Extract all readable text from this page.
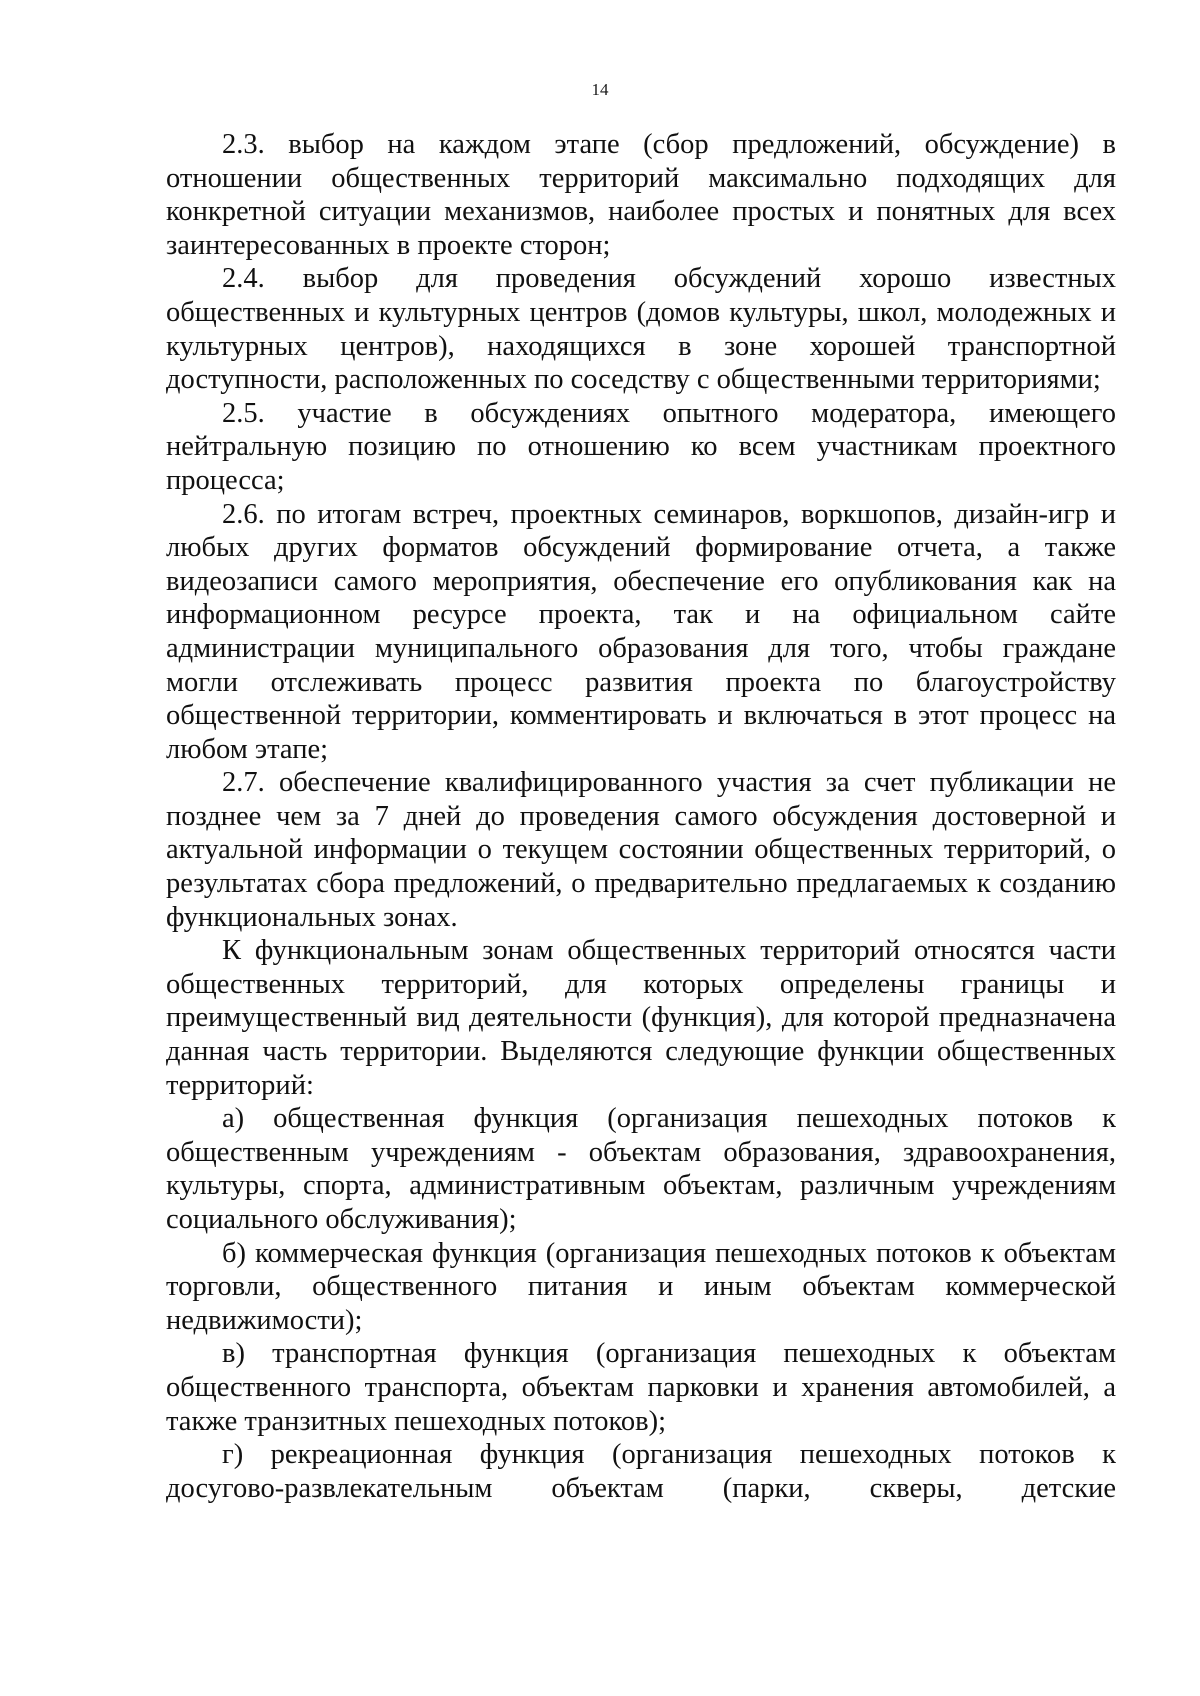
14

2.3. выбор на каждом этапе (сбор предложений, обсуждение) в отношении общественных территорий максимально подходящих для конкретной ситуации механизмов, наиболее простых и понятных для всех заинтересованных в проекте сторон;

2.4. выбор для проведения обсуждений хорошо известных общественных и культурных центров (домов культуры, школ, молодежных и культурных центров), находящихся в зоне хорошей транспортной доступности, расположенных по соседству с общественными территориями;

2.5. участие в обсуждениях опытного модератора, имеющего нейтральную позицию по отношению ко всем участникам проектного процесса;

2.6. по итогам встреч, проектных семинаров, воркшопов, дизайн-игр и любых других форматов обсуждений формирование отчета, а также видеозаписи самого мероприятия, обеспечение его опубликования как на информационном ресурсе проекта, так и на официальном сайте администрации муниципального образования для того, чтобы граждане могли отслеживать процесс развития проекта по благоустройству общественной территории, комментировать и включаться в этот процесс на любом этапе;

2.7. обеспечение квалифицированного участия за счет публикации не позднее чем за 7 дней до проведения самого обсуждения достоверной и актуальной информации о текущем состоянии общественных территорий, о результатах сбора предложений, о предварительно предлагаемых к созданию функциональных зонах.

К функциональным зонам общественных территорий относятся части общественных территорий, для которых определены границы и преимущественный вид деятельности (функция), для которой предназначена данная часть территории. Выделяются следующие функции общественных территорий:

а) общественная функция (организация пешеходных потоков к общественным учреждениям - объектам образования, здравоохранения, культуры, спорта, административным объектам, различным учреждениям социального обслуживания);

б) коммерческая функция (организация пешеходных потоков к объектам торговли, общественного питания и иным объектам коммерческой недвижимости);

в) транспортная функция (организация пешеходных к объектам общественного транспорта, объектам парковки и хранения автомобилей, а также транзитных пешеходных потоков);

г) рекреационная функция (организация пешеходных потоков к досугово-развлекательным объектам (парки, скверы, детские
